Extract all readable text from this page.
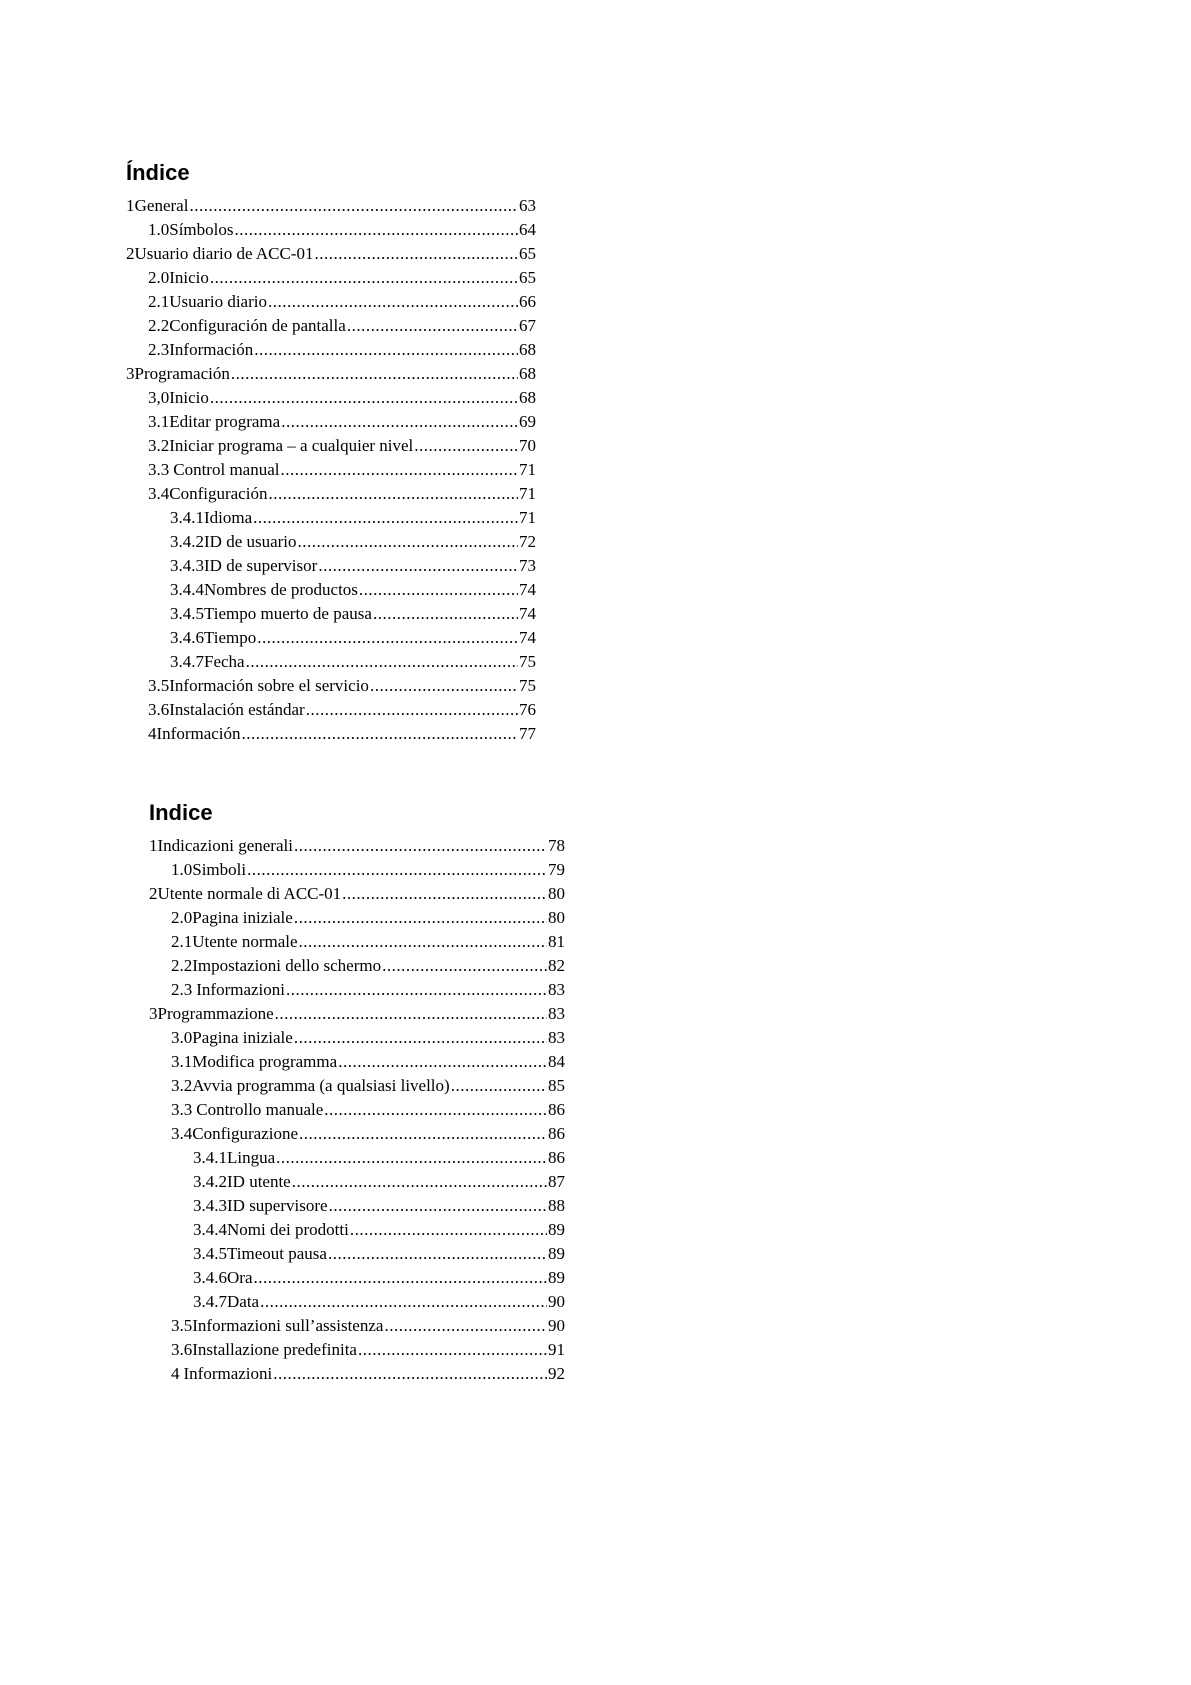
Índice
1 General .....	63
1.0 Símbolos .....	64
2 Usuario diario de ACC-01 .....	65
2.0 Inicio .....	65
2.1 Usuario diario .....	66
2.2 Configuración de pantalla .....	67
2.3 Información .....	68
3 Programación .....	68
3,0 Inicio .....	68
3.1 Editar programa .....	69
3.2 Iniciar programa – a cualquier nivel .....	70
3.3 Control manual .....	71
3.4 Configuración .....	71
3.4.1 Idioma .....	71
3.4.2 ID de usuario .....	72
3.4.3 ID de supervisor .....	73
3.4.4 Nombres de productos .....	74
3.4.5 Tiempo muerto de pausa .....	74
3.4.6 Tiempo .....	74
3.4.7 Fecha .....	75
3.5 Información sobre el servicio .....	75
3.6 Instalación estándar .....	76
4 Información .....	77
Indice
1 Indicazioni generali .....	78
1.0 Simboli .....	79
2 Utente normale di ACC-01 .....	80
2.0 Pagina iniziale .....	80
2.1 Utente normale .....	81
2.2 Impostazioni dello schermo .....	82
2.3 Informazioni .....	83
3 Programmazione .....	83
3.0 Pagina iniziale .....	83
3.1 Modifica programma .....	84
3.2 Avvia programma (a qualsiasi livello) .....	85
3.3 Controllo manuale .....	86
3.4 Configurazione .....	86
3.4.1 Lingua .....	86
3.4.2 ID utente .....	87
3.4.3 ID supervisore .....	88
3.4.4 Nomi dei prodotti .....	89
3.4.5 Timeout pausa .....	89
3.4.6 Ora .....	89
3.4.7 Data .....	90
3.5 Informazioni sull’assistenza .....	90
3.6 Installazione predefinita .....	91
4 Informazioni .....	92
